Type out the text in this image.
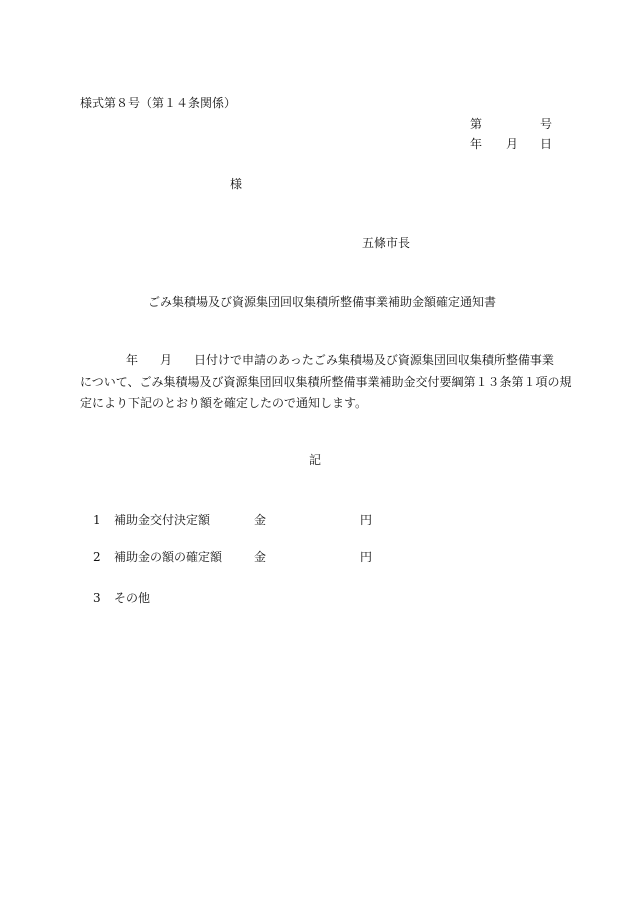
様式第８号（第１４条関係）
第	号
年 月 日
様
五條市長
ごみ集積場及び資源集団回収集積所整備事業補助金額確定通知書
年 月 日付けで申請のあったごみ集積場及び資源集団回収集積所整備事業
について、ごみ集積場及び資源集団回収集積所整備事業補助金交付要綱第１３条第１項の規
定により下記のとおり額を確定したので通知します。
記
1 補助金交付決定額	金	円
2 補助金の額の確定額	金	円
3 その他
